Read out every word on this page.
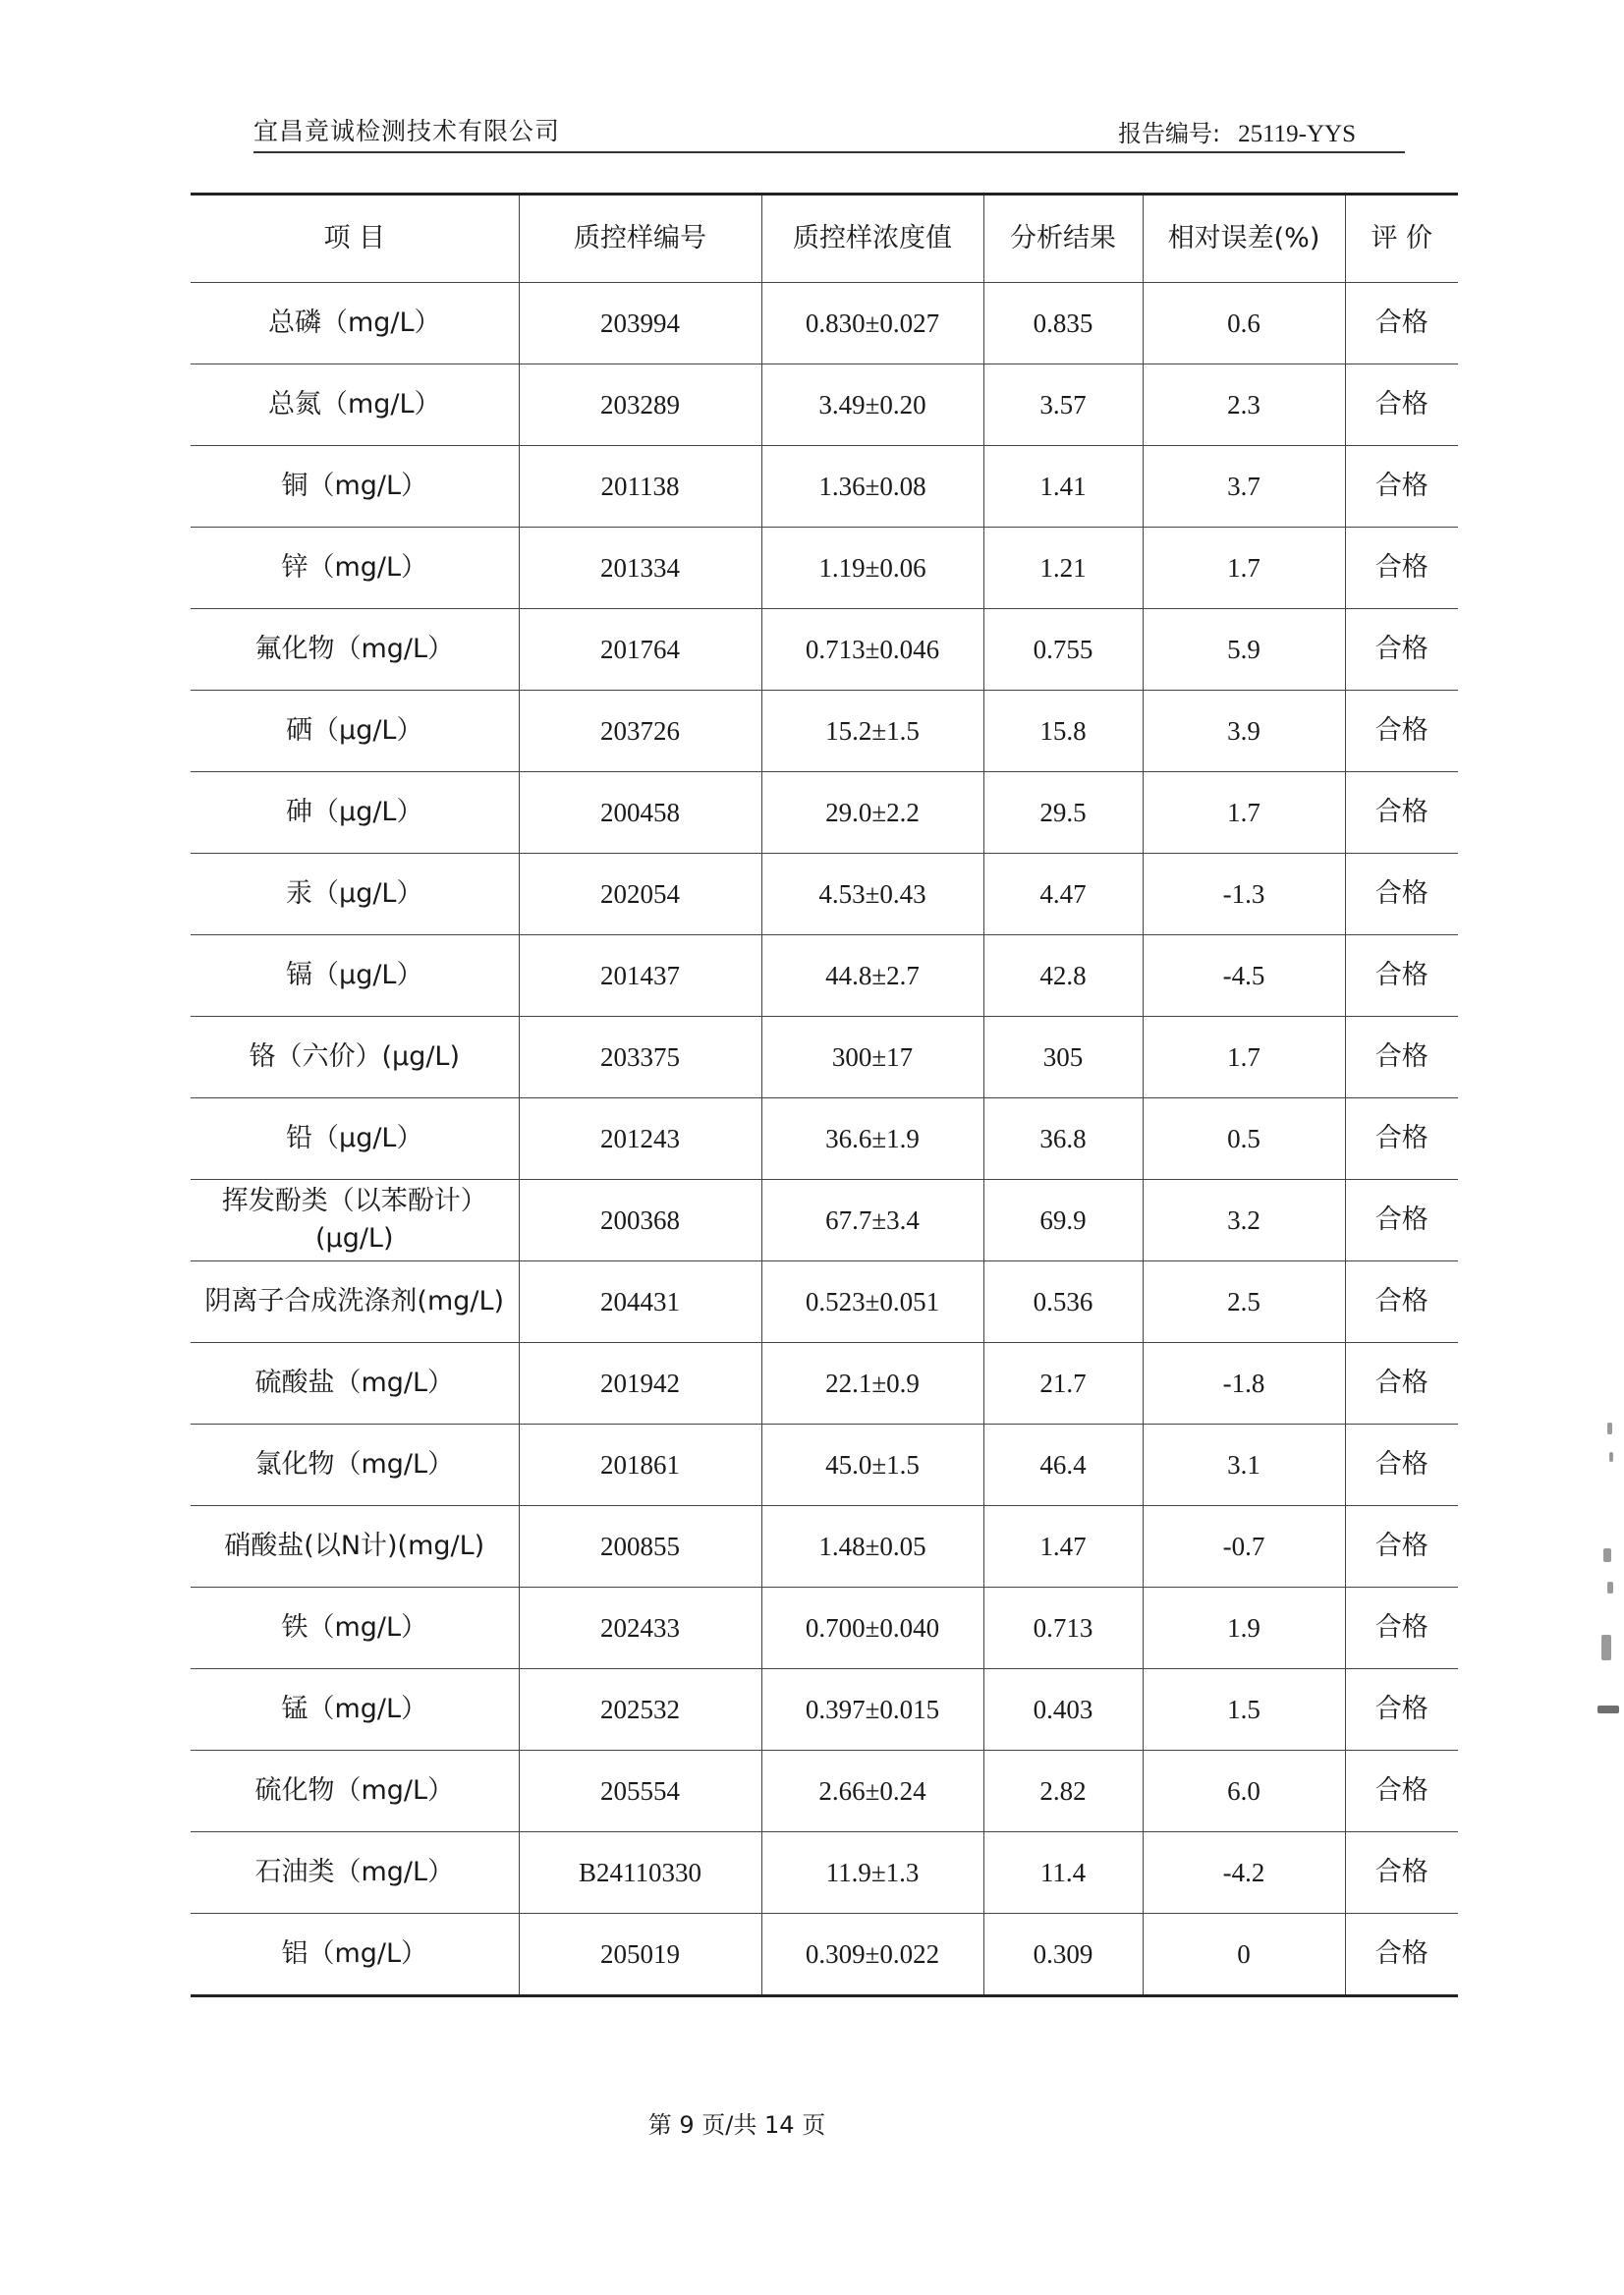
宜昌竟诚检测技术有限公司	报告编号: 25119-YYS
项 目	质控样编号	质控样浓度值	分析结果	相对误差(%)	评 价
总磷（mg/L）	203994	0.830±0.027	0.835	0.6	合格
总氮（mg/L）	203289	3.49±0.20	3.57	2.3	合格
铜（mg/L）	201138	1.36±0.08	1.41	3.7	合格
锌（mg/L）	201334	1.19±0.06	1.21	1.7	合格
氟化物（mg/L）	201764	0.713±0.046	0.755	5.9	合格
硒（μg/L）	203726	15.2±1.5	15.8	3.9	合格
砷（μg/L）	200458	29.0±2.2	29.5	1.7	合格
汞（μg/L）	202054	4.53±0.43	4.47	-1.3	合格
镉（μg/L）	201437	44.8±2.7	42.8	-4.5	合格
铬（六价）(μg/L)	203375	300±17	305	1.7	合格
铅（μg/L）	201243	36.6±1.9	36.8	0.5	合格
挥发酚类（以苯酚计）(μg/L)	200368	67.7±3.4	69.9	3.2	合格
阴离子合成洗涤剂(mg/L)	204431	0.523±0.051	0.536	2.5	合格
硫酸盐（mg/L）	201942	22.1±0.9	21.7	-1.8	合格
氯化物（mg/L）	201861	45.0±1.5	46.4	3.1	合格
硝酸盐(以N计)(mg/L)	200855	1.48±0.05	1.47	-0.7	合格
铁（mg/L）	202433	0.700±0.040	0.713	1.9	合格
锰（mg/L）	202532	0.397±0.015	0.403	1.5	合格
硫化物（mg/L）	205554	2.66±0.24	2.82	6.0	合格
石油类（mg/L）	B24110330	11.9±1.3	11.4	-4.2	合格
铝（mg/L）	205019	0.309±0.022	0.309	0	合格
第 9 页/共 14 页
